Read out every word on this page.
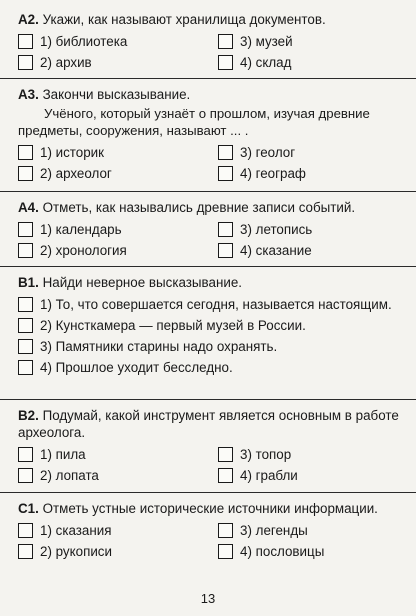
А2. Укажи, как называют хранилища документов.

1) библиотека	3) музей
2) архив	4) склад

А3. Закончи высказывание.

Учёного, который узнаёт о прошлом, изучая древние предметы, сооружения, называют ... .

1) историк	3) геолог
2) археолог	4) географ

А4. Отметь, как назывались древние записи событий.

1) календарь	3) летопись
2) хронология	4) сказание

В1. Найди неверное высказывание.

1) То, что совершается сегодня, называется настоящим.
2) Кунсткамера — первый музей в России.
3) Памятники старины надо охранять.
4) Прошлое уходит бесследно.

В2. Подумай, какой инструмент является основным в работе археолога.

1) пила	3) топор
2) лопата	4) грабли

С1. Отметь устные исторические источники информации.

1) сказания	3) легенды
2) рукописи	4) пословицы
13
